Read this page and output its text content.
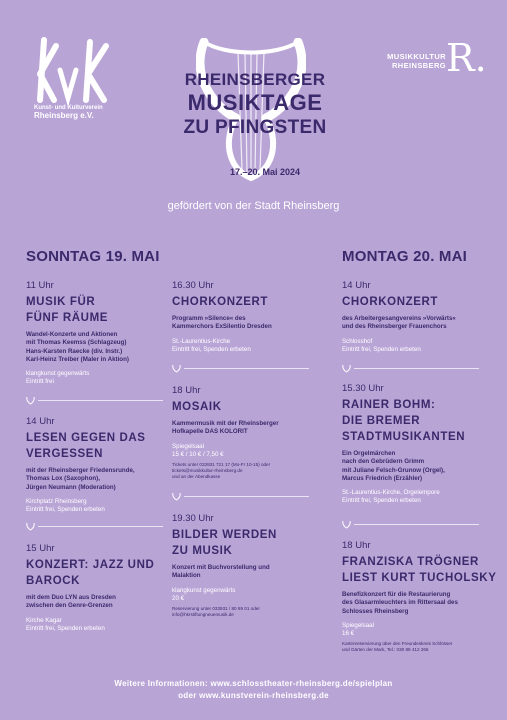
Kunst- und Kulturverein
Rheinsberg e.V.
RHEINSBERGER
MUSIKTAGE
ZU PFINGSTEN
17.–20. Mai 2024
MUSIKKULTUR
RHEINSBERG R.
gefördert von der Stadt Rheinsberg
SONNTAG 19. MAI	MONTAG 20. MAI
11 Uhr
MUSIK FÜR
FÜNF RÄUME
Wandel-Konzerte und Aktionen
mit Thomas Keemss (Schlagzeug)
Hans-Karsten Raecke (div. Instr.)
Karl-Heinz Treiber (Maler in Aktion)
klangkunst gegenwärts
Eintritt frei
14 Uhr
LESEN GEGEN DAS
VERGESSEN
mit der Rheinsberger Friedensrunde,
Thomas Lox (Saxophon),
Jürgen Neumann (Moderation)
Kirchplatz Rheinsberg
Eintritt frei, Spenden erbeten
15 Uhr
KONZERT: JAZZ UND
BAROCK
mit dem Duo LYN aus Dresden
zwischen den Genre-Grenzen
Kirche Kagar
Eintritt frei, Spenden erbeten
16.30 Uhr
CHORKONZERT
Programm »Silence« des
Kammerchors ExSilentio Dresden
St.-Laurentius-Kirche
Eintritt frei, Spenden erbeten
18 Uhr
MOSAIK
Kammermusik mit der Rheinsberger
Hofkapelle DAS KOLORIT
Spiegelsaal
15 € / 10 € / 7,50 €
Tickets unter 033931 721 17 (Mo-Fr 10-15) oder
tickets@musikkultur-rheinsberg.de
und an der Abendkasse
19.30 Uhr
BILDER WERDEN
ZU MUSIK
Konzert mit Buchvorstellung und
Malaktion
klangkunst gegenwärts
20 €
Reservierung unter 033931 / 80 89 01 oder
info@hkrstiftungneuemusik.de
14 Uhr
CHORKONZERT
des Arbeitergesangvereins »Vorwärts«
und des Rheinsberger Frauenchors
Schlosshof
Eintritt frei, Spenden erbeten
15.30 Uhr
RAINER BOHM:
DIE BREMER
STADTMUSIKANTEN
Ein Orgelmärchen
nach den Gebrüdern Grimm
mit Juliane Felsch-Grunow (Orgel),
Marcus Friedrich (Erzähler)
St.-Laurentius-Kirche, Orgelempore
Eintritt frei, Spenden erbeten
18 Uhr
FRANZISKA TRÖGNER
LIEST KURT TUCHOLSKY
Benefizkonzert für die Restaurierung
des Glasarmleuchters im Rittersaal des
Schlosses Rheinsberg
Spiegelsaal
16 €
Kartenreservierung über den Freundeskreis Schlösser
und Gärten der Mark, Tel.: 030 88 412 266
Weitere Informationen: www.schlosstheater-rheinsberg.de/spielplan
oder www.kunstverein-rheinsberg.de
